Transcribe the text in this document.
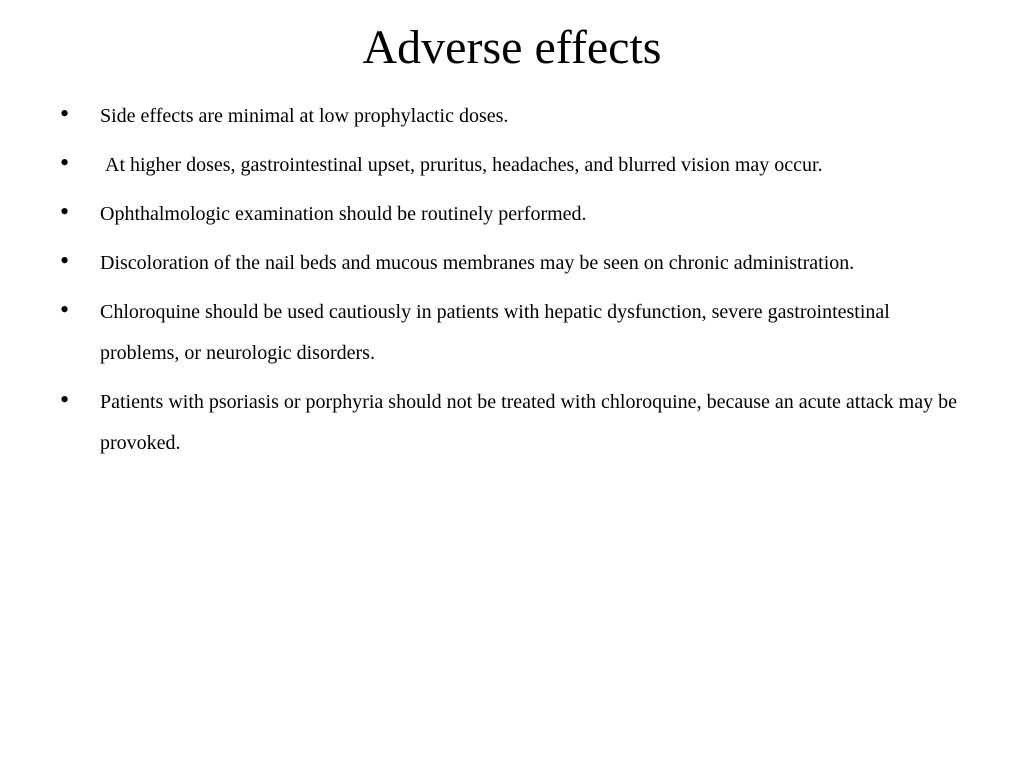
Adverse effects
•	Side effects are minimal at low prophylactic doses.
•	At higher doses, gastrointestinal upset, pruritus, headaches, and blurred vision may occur.
•	Ophthalmologic examination should be routinely performed.
•	Discoloration of the nail beds and mucous membranes may be seen on chronic administration.
•	Chloroquine should be used cautiously in patients with hepatic dysfunction, severe gastrointestinal problems, or neurologic disorders.
•	Patients with psoriasis or porphyria should not be treated with chloroquine, because an acute attack may be provoked.
